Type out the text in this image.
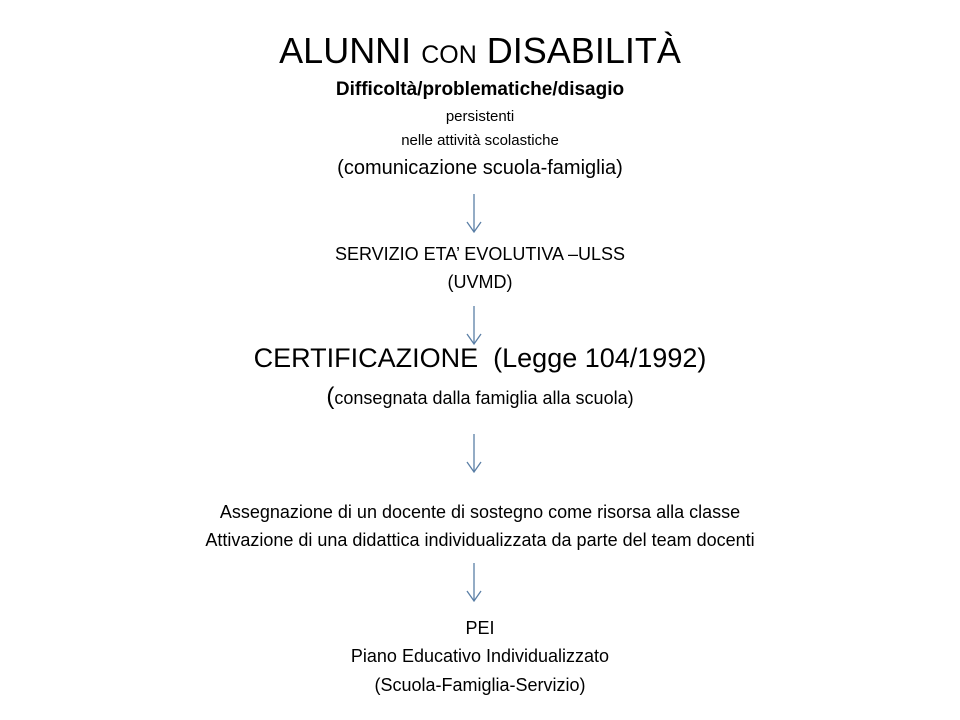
ALUNNI CON DISABILITÀ
Difficoltà/problematiche/disagio
persistenti
nelle attività scolastiche
(comunicazione scuola-famiglia)
SERVIZIO ETA’ EVOLUTIVA –ULSS
(UVMD)
CERTIFICAZIONE  (Legge 104/1992)
(consegnata dalla famiglia alla scuola)
Assegnazione di un docente di sostegno come risorsa alla classe
Attivazione di una didattica individualizzata da parte del team docenti
PEI
Piano Educativo Individualizzato
(Scuola-Famiglia-Servizio)
